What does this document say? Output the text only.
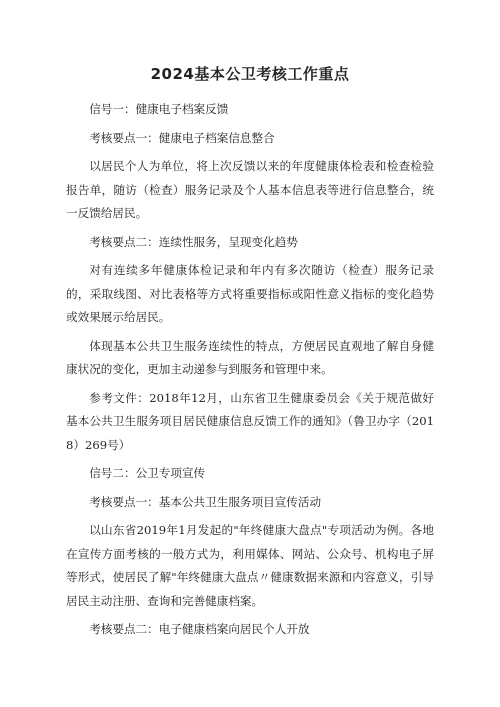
2024基本公卫考核工作重点

信号一：健康电子档案反馈

考核要点一：健康电子档案信息整合

以居民个人为单位，将上次反馈以来的年度健康体检表和检查检验报告单，随访（检查）服务记录及个人基本信息表等进行信息整合，统一反馈给居民。

考核要点二：连续性服务，呈现变化趋势

对有连续多年健康体检记录和年内有多次随访（检查）服务记录的，采取线图、对比表格等方式将重要指标或阳性意义指标的变化趋势或效果展示给居民。

体现基本公共卫生服务连续性的特点，方便居民直观地了解自身健康状况的变化，更加主动递参与到服务和管理中来。

参考文件：2018年12月，山东省卫生健康委员会《关于规范做好基本公共卫生服务项目居民健康信息反馈工作的通知》（鲁卫办字（2018）269号）

信号二：公卫专项宣传

考核要点一：基本公共卫生服务项目宣传活动

以山东省2019年1月发起的"年终健康大盘点"专项活动为例。各地在宣传方面考核的一般方式为，利用媒体、网站、公众号、机构电子屏等形式，使居民了解"年终健康大盘点〃健康数据来源和内容意义，引导居民主动注册、查询和完善健康档案。

考核要点二：电子健康档案向居民个人开放
